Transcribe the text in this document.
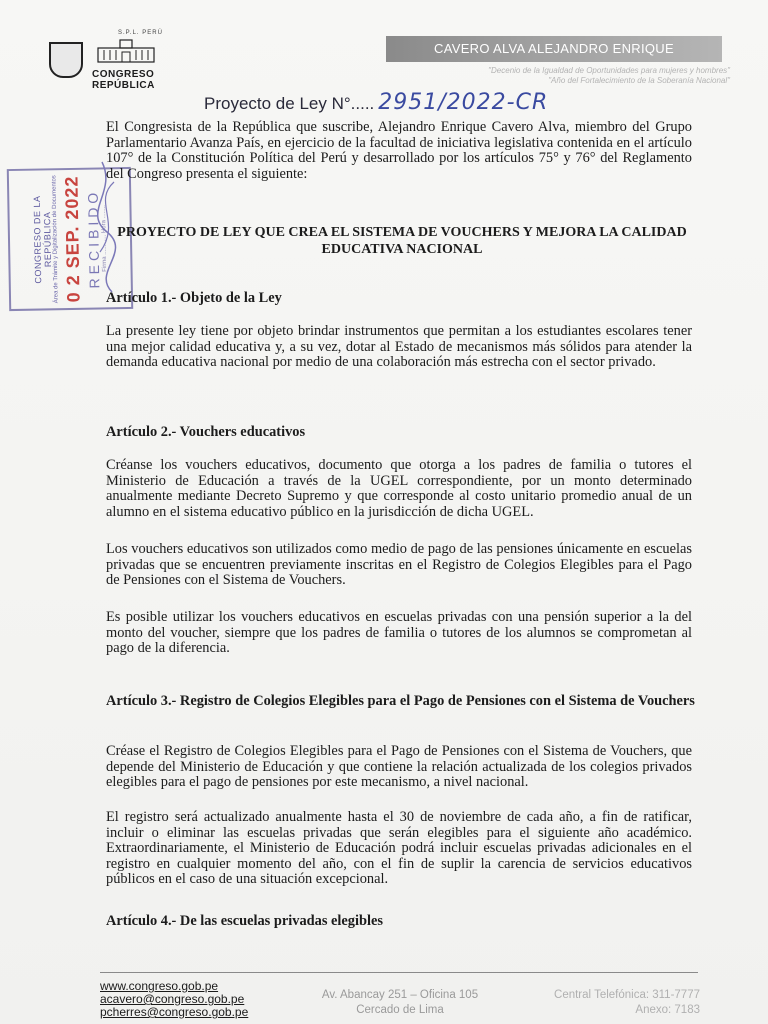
S.P.L. PERÚ
CONGRESO
REPÚBLICA
CAVERO ALVA ALEJANDRO ENRIQUE
"Decenio de la Igualdad de Oportunidades para mujeres y hombres"
"Año del Fortalecimiento de la Soberanía Nacional"
Proyecto de Ley N°..... 2951/2022-CR
CONGRESO DE LA REPÚBLICA
Área de Trámite y Digitalización de Documentos 0 2 SEP. 2022 RECIBIDO
Firma ............ Hora ........
El Congresista de la República que suscribe, Alejandro Enrique Cavero Alva, miembro del Grupo Parlamentario Avanza País, en ejercicio de la facultad de iniciativa legislativa contenida en el artículo 107° de la Constitución Política del Perú y desarrollado por los artículos 75° y 76° del Reglamento del Congreso presenta el siguiente:
PROYECTO DE LEY QUE CREA EL SISTEMA DE VOUCHERS Y MEJORA LA CALIDAD EDUCATIVA NACIONAL
Artículo 1.- Objeto de la Ley
La presente ley tiene por objeto brindar instrumentos que permitan a los estudiantes escolares tener una mejor calidad educativa y, a su vez, dotar al Estado de mecanismos más sólidos para atender la demanda educativa nacional por medio de una colaboración más estrecha con el sector privado.
Artículo 2.- Vouchers educativos
Créanse los vouchers educativos, documento que otorga a los padres de familia o tutores el Ministerio de Educación a través de la UGEL correspondiente, por un monto determinado anualmente mediante Decreto Supremo y que corresponde al costo unitario promedio anual de un alumno en el sistema educativo público en la jurisdicción de dicha UGEL.
Los vouchers educativos son utilizados como medio de pago de las pensiones únicamente en escuelas privadas que se encuentren previamente inscritas en el Registro de Colegios Elegibles para el Pago de Pensiones con el Sistema de Vouchers.
Es posible utilizar los vouchers educativos en escuelas privadas con una pensión superior a la del monto del voucher, siempre que los padres de familia o tutores de los alumnos se comprometan al pago de la diferencia.
Artículo 3.- Registro de Colegios Elegibles para el Pago de Pensiones con el Sistema de Vouchers
Créase el Registro de Colegios Elegibles para el Pago de Pensiones con el Sistema de Vouchers, que depende del Ministerio de Educación y que contiene la relación actualizada de los colegios privados elegibles para el pago de pensiones por este mecanismo, a nivel nacional.
El registro será actualizado anualmente hasta el 30 de noviembre de cada año, a fin de ratificar, incluir o eliminar las escuelas privadas que serán elegibles para el siguiente año académico. Extraordinariamente, el Ministerio de Educación podrá incluir escuelas privadas adicionales en el registro en cualquier momento del año, con el fin de suplir la carencia de servicios educativos públicos en el caso de una situación excepcional.
Artículo 4.- De las escuelas privadas elegibles
www.congreso.gob.pe
acavero@congreso.gob.pe
pcherres@congreso.gob.pe
Av. Abancay 251 – Oficina 105
Cercado de Lima
Central Telefónica: 311-7777
Anexo: 7183
